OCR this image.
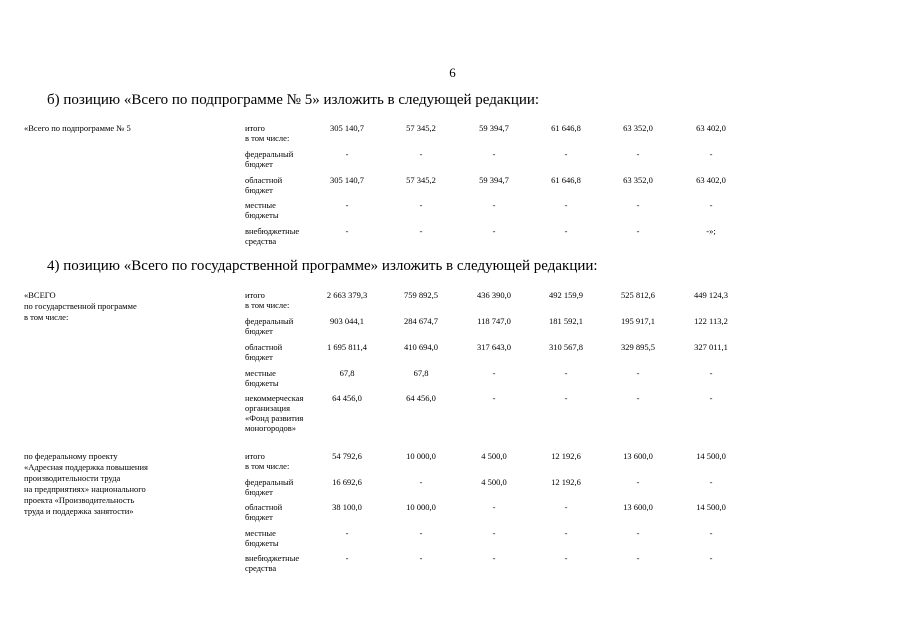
6
б) позицию «Всего по подпрограмме № 5» изложить в следующей редакции:
«Всего по подпрограмме № 5	итого
в том числе:
305 140,7	57 345,2	59 394,7	61 646,8	63 352,0	63 402,0
федеральный
бюджет
-	-	-	-	-	-
областной
бюджет
305 140,7	57 345,2	59 394,7	61 646,8	63 352,0	63 402,0
местные
бюджеты
-	-	-	-	-	-
внебюджетные
средства
-	-	-	-	-	-»;
4) позицию «Всего по государственной программе» изложить в следующей редакции:
«ВСЕГО
по государственной программе
в том числе:
итого
в том числе:
2 663 379,3	759 892,5	436 390,0	492 159,9	525 812,6	449 124,3
федеральный
бюджет
903 044,1	284 674,7	118 747,0	181 592,1	195 917,1	122 113,2
областной
бюджет
1 695 811,4	410 694,0	317 643,0	310 567,8	329 895,5	327 011,1
местные
бюджеты
67,8	67,8	-	-	-	-
некоммерческая
организация
«Фонд развития
моногородов»
64 456,0	64 456,0	-	-	-	-
по федеральному проекту
«Адресная поддержка повышения
производительности труда
на предприятиях» национального
проекта «Производительность
труда и поддержка занятости»
итого
в том числе:
54 792,6	10 000,0	4 500,0	12 192,6	13 600,0	14 500,0
федеральный
бюджет
16 692,6	-	4 500,0	12 192,6	-	-
областной
бюджет
38 100,0	10 000,0	-	-	13 600,0	14 500,0
местные
бюджеты
-	-	-	-	-	-
внебюджетные
средства
-	-	-	-	-	-
